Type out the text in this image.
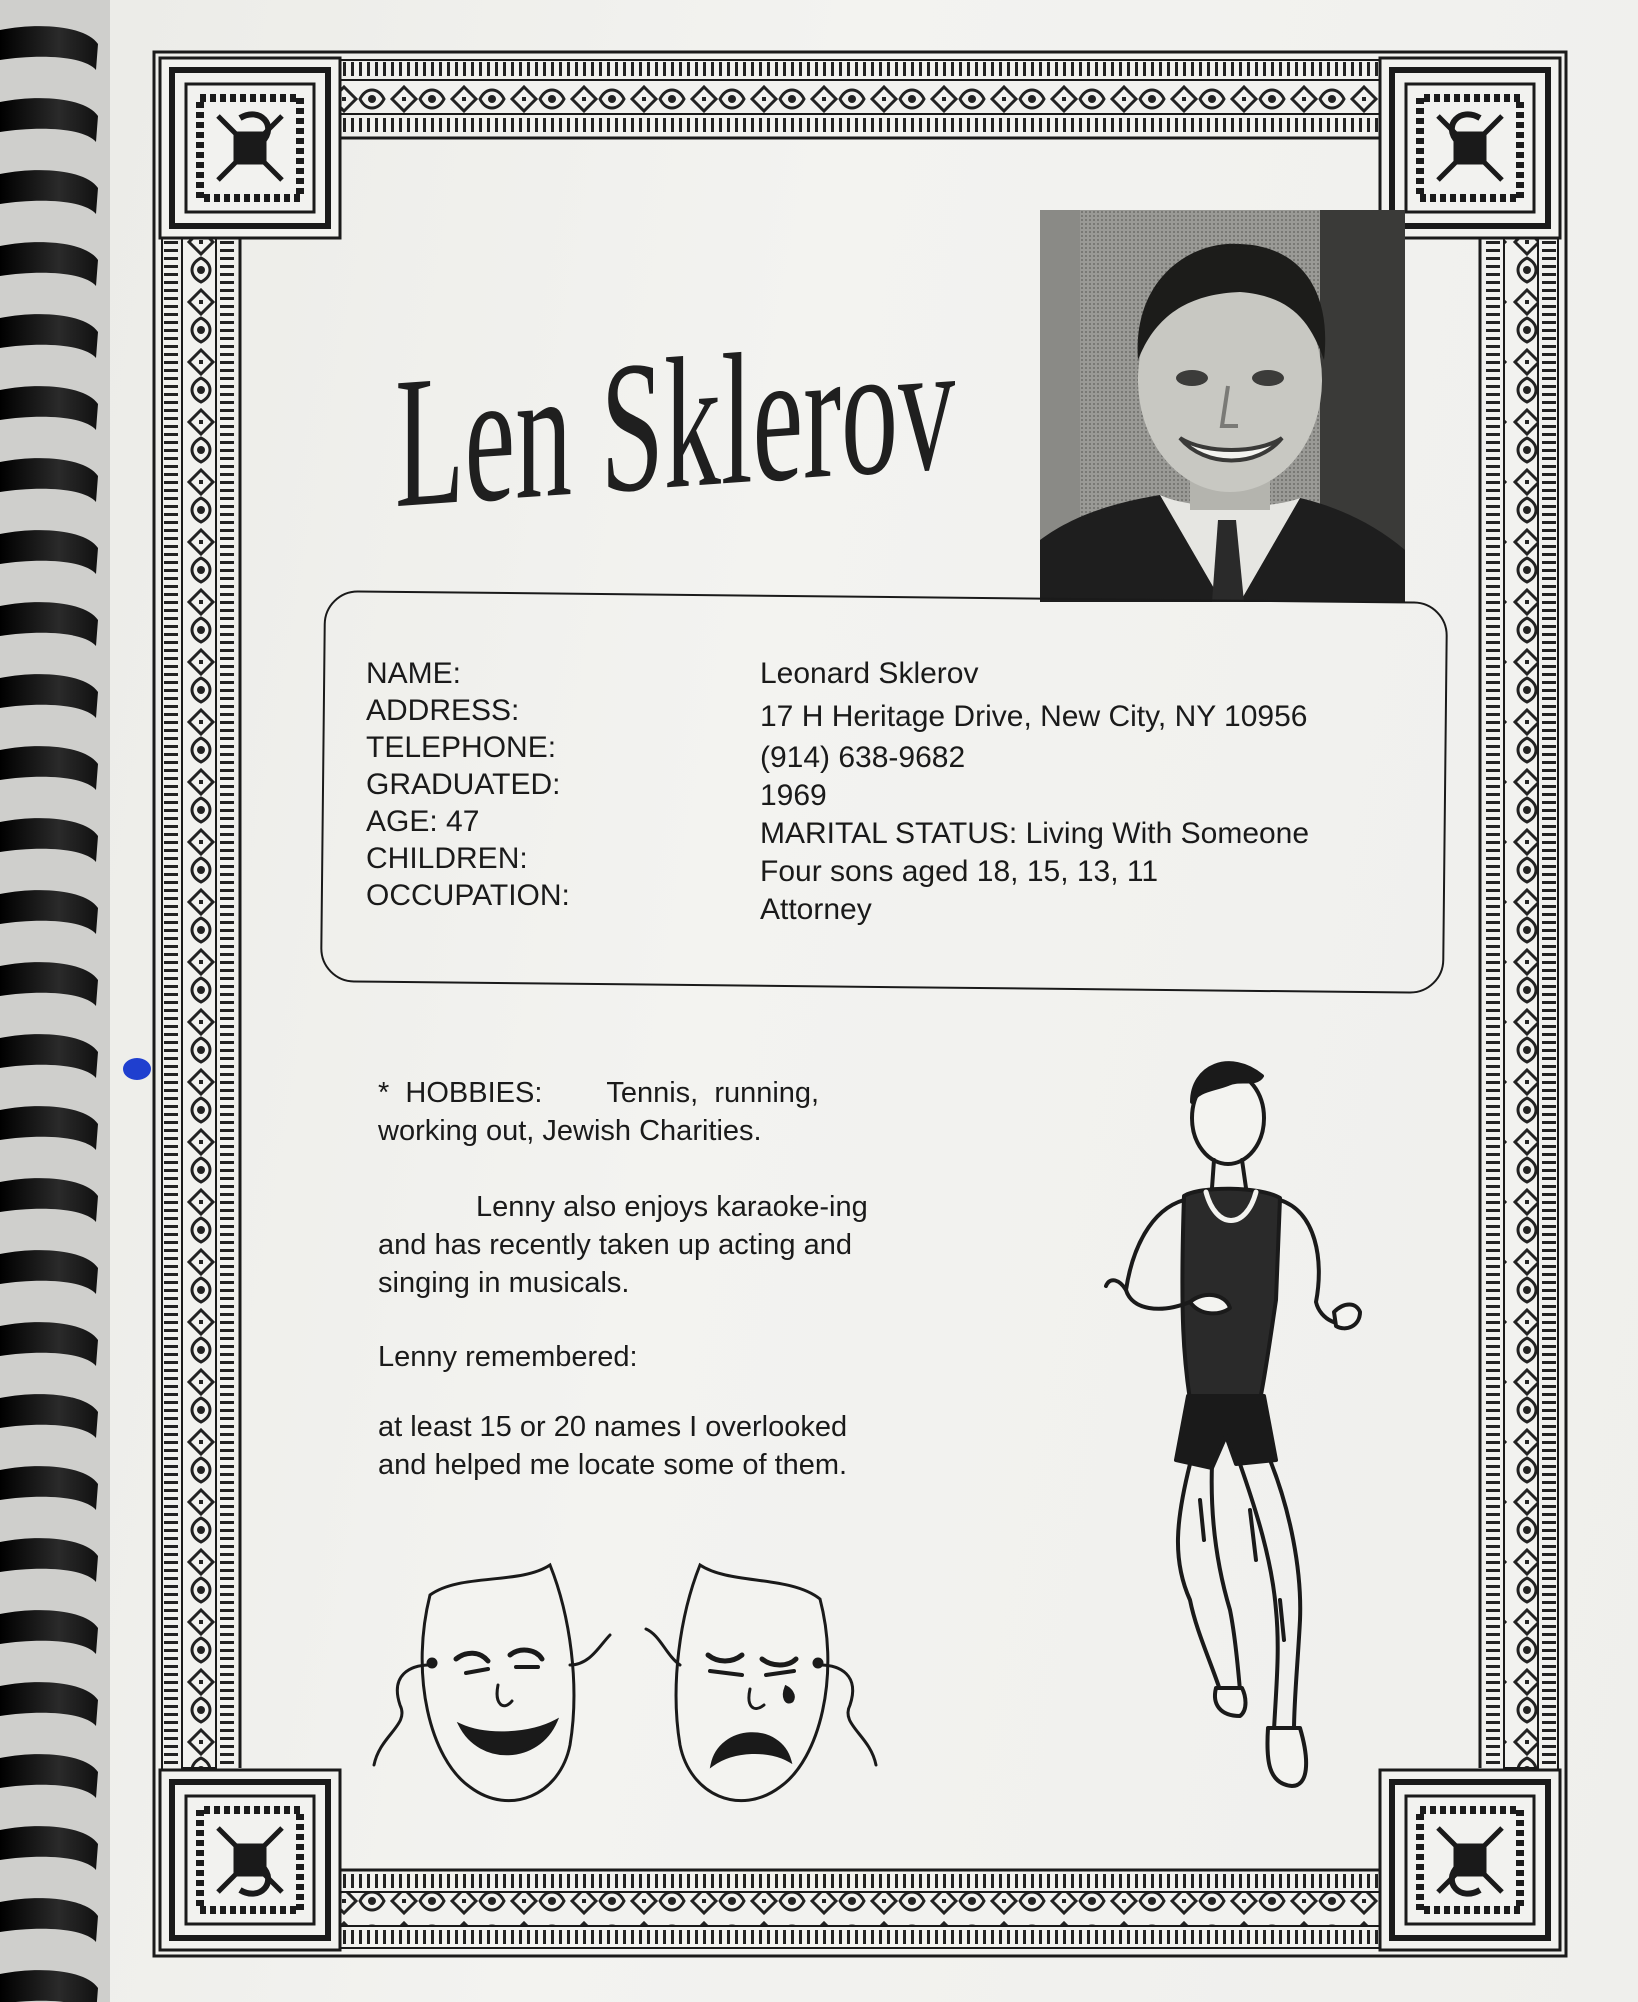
Len Sklerov
NAME:	Leonard Sklerov
ADDRESS:	17 H Heritage Drive, New City, NY 10956
TELEPHONE:	(914) 638-9682
GRADUATED:	1969
AGE: 47	MARITAL STATUS: Living With Someone
CHILDREN:	Four sons aged 18, 15, 13, 11
OCCUPATION:	Attorney
*  HOBBIES:        Tennis,  running,
working out, Jewish Charities.
Lenny also enjoys karaoke-ing
and has recently taken up acting and
singing in musicals.
Lenny remembered:
at least 15 or 20 names I overlooked
and helped me locate some of them.
